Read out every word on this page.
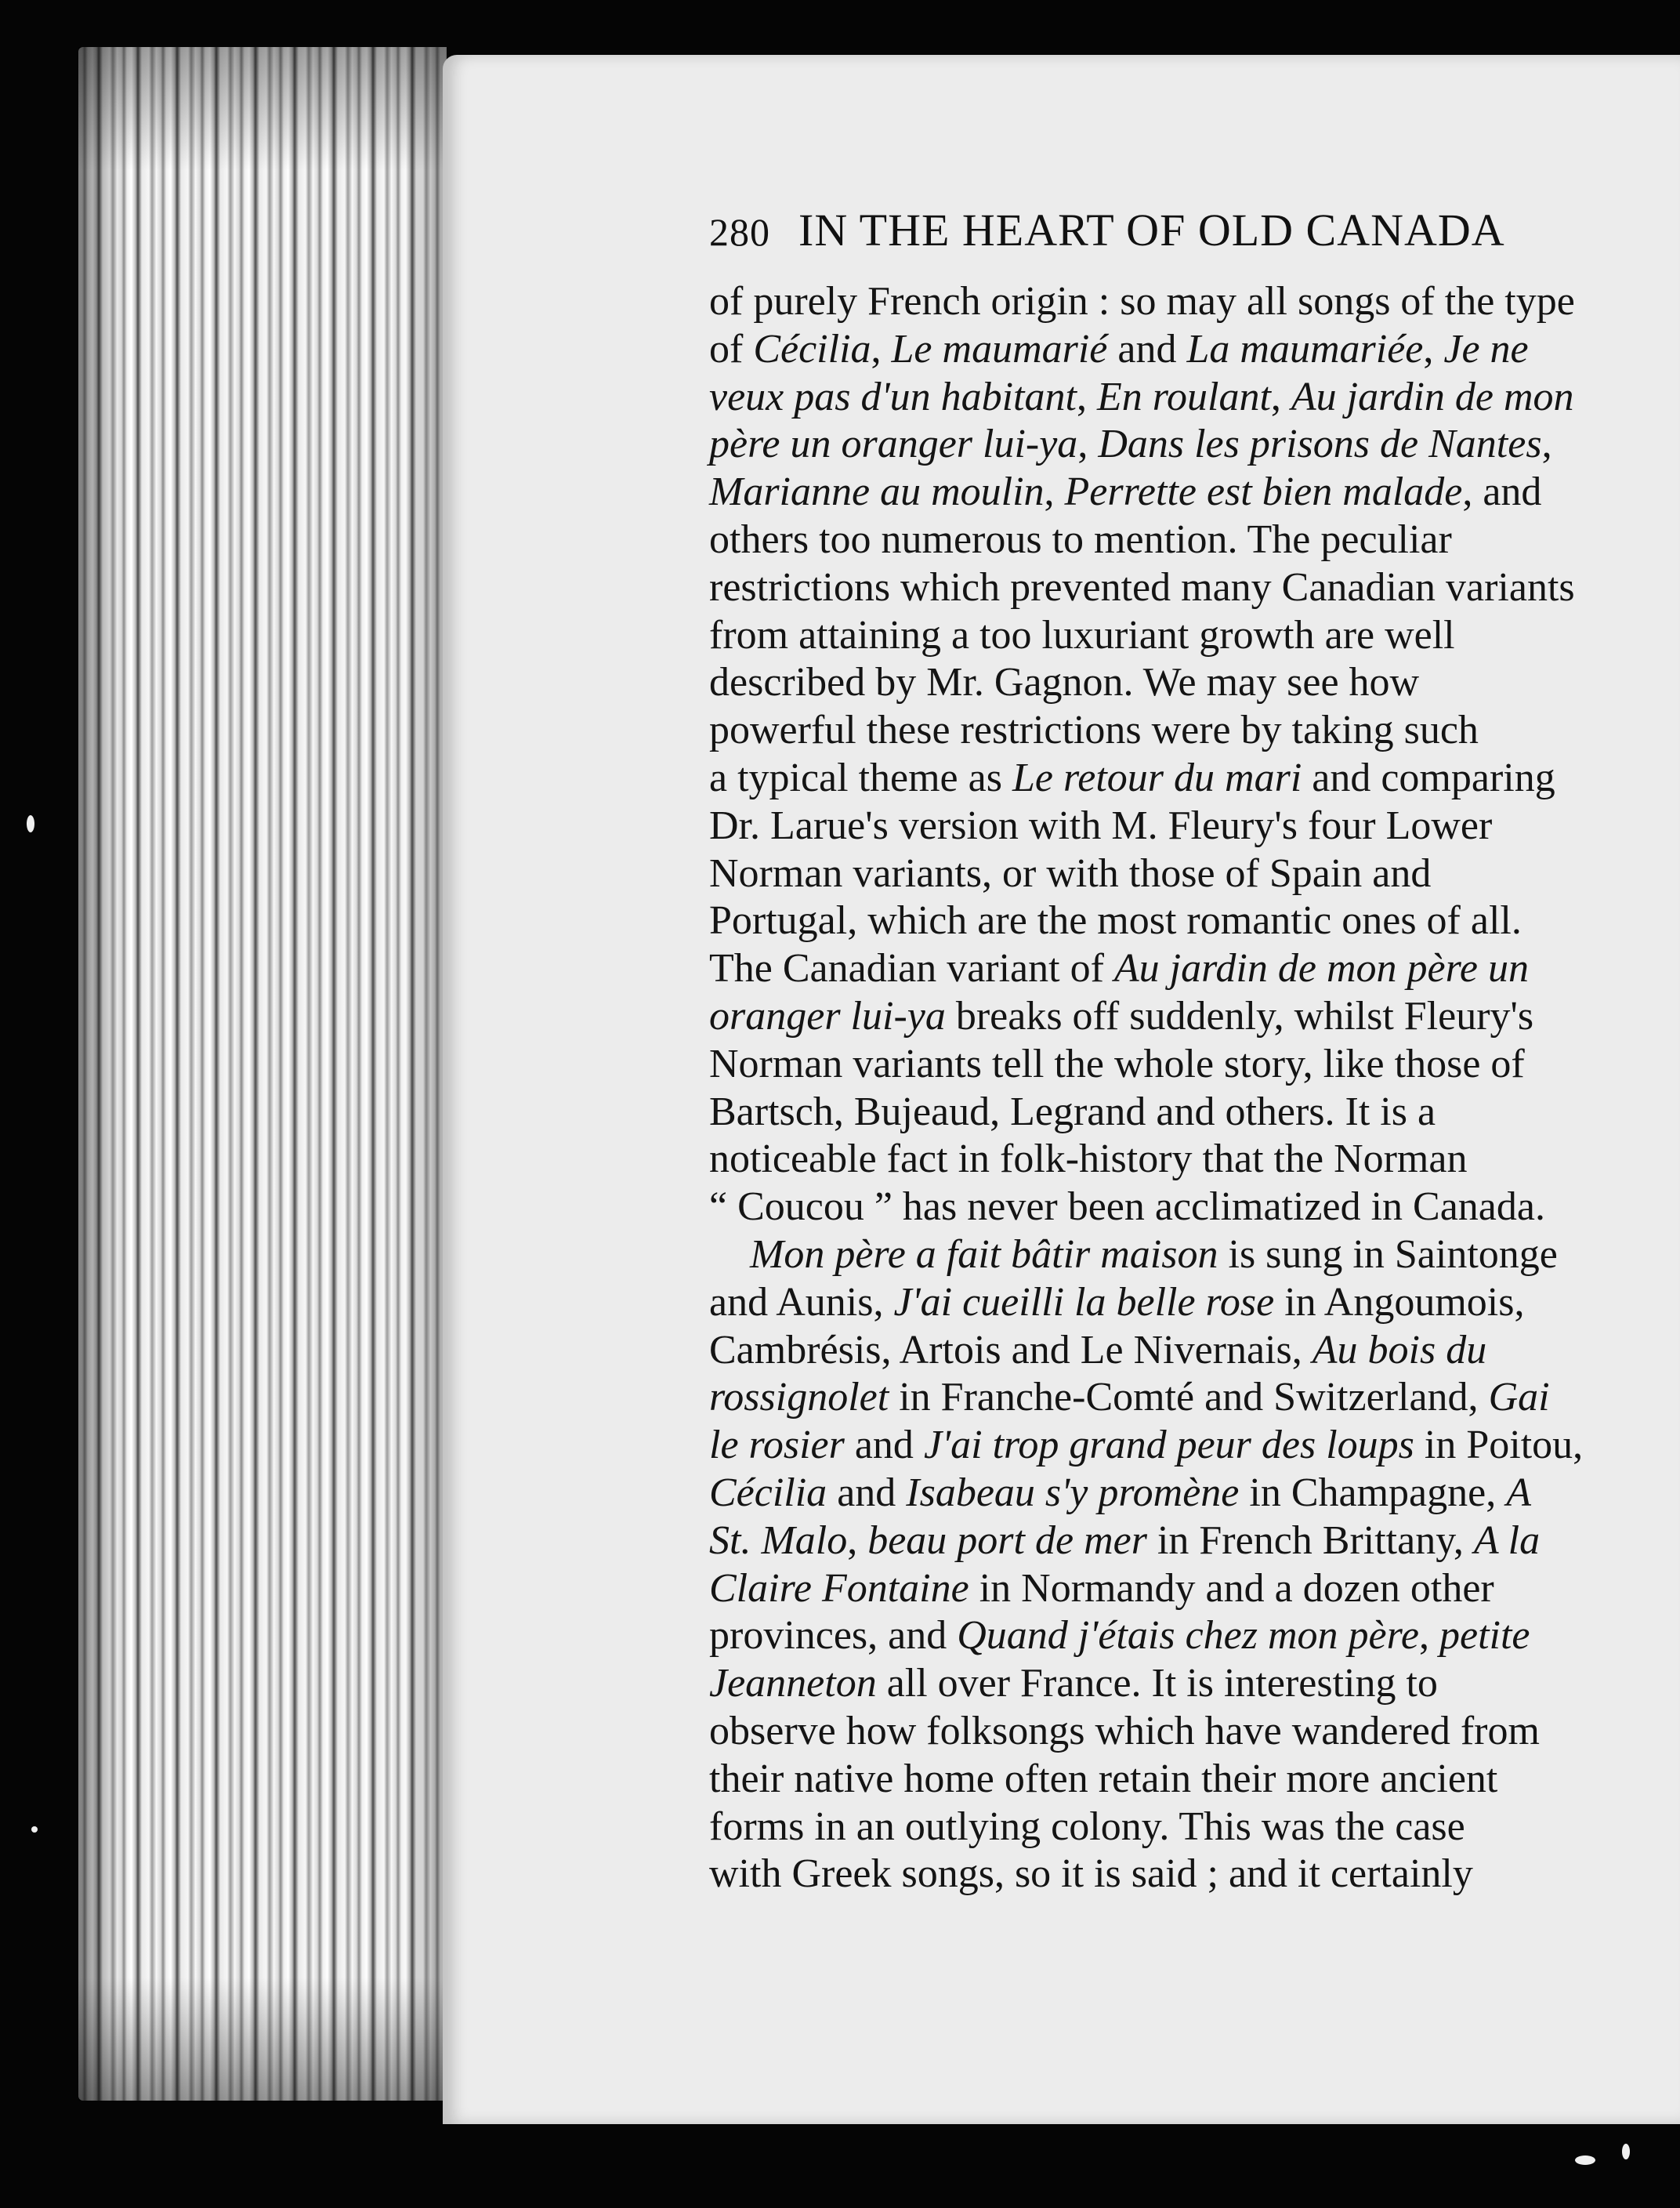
280 IN THE HEART OF OLD CANADA
of purely French origin : so may all songs of the type
of Cécilia, Le maumarié and La maumariée, Je ne
veux pas d'un habitant, En roulant, Au jardin de mon
père un oranger lui-ya, Dans les prisons de Nantes,
Marianne au moulin, Perrette est bien malade, and
others too numerous to mention. The peculiar
restrictions which prevented many Canadian variants
from attaining a too luxuriant growth are well
described by Mr. Gagnon. We may see how
powerful these restrictions were by taking such
a typical theme as Le retour du mari and comparing
Dr. Larue's version with M. Fleury's four Lower
Norman variants, or with those of Spain and
Portugal, which are the most romantic ones of all.
The Canadian variant of Au jardin de mon père un
oranger lui-ya breaks off suddenly, whilst Fleury's
Norman variants tell the whole story, like those of
Bartsch, Bujeaud, Legrand and others. It is a
noticeable fact in folk-history that the Norman
“ Coucou ” has never been acclimatized in Canada.
Mon père a fait bâtir maison is sung in Saintonge
and Aunis, J'ai cueilli la belle rose in Angoumois,
Cambrésis, Artois and Le Nivernais, Au bois du
rossignolet in Franche-Comté and Switzerland, Gai
le rosier and J'ai trop grand peur des loups in Poitou,
Cécilia and Isabeau s'y promène in Champagne, A
St. Malo, beau port de mer in French Brittany, A la
Claire Fontaine in Normandy and a dozen other
provinces, and Quand j'étais chez mon père, petite
Jeanneton all over France. It is interesting to
observe how folksongs which have wandered from
their native home often retain their more ancient
forms in an outlying colony. This was the case
with Greek songs, so it is said ; and it certainly
